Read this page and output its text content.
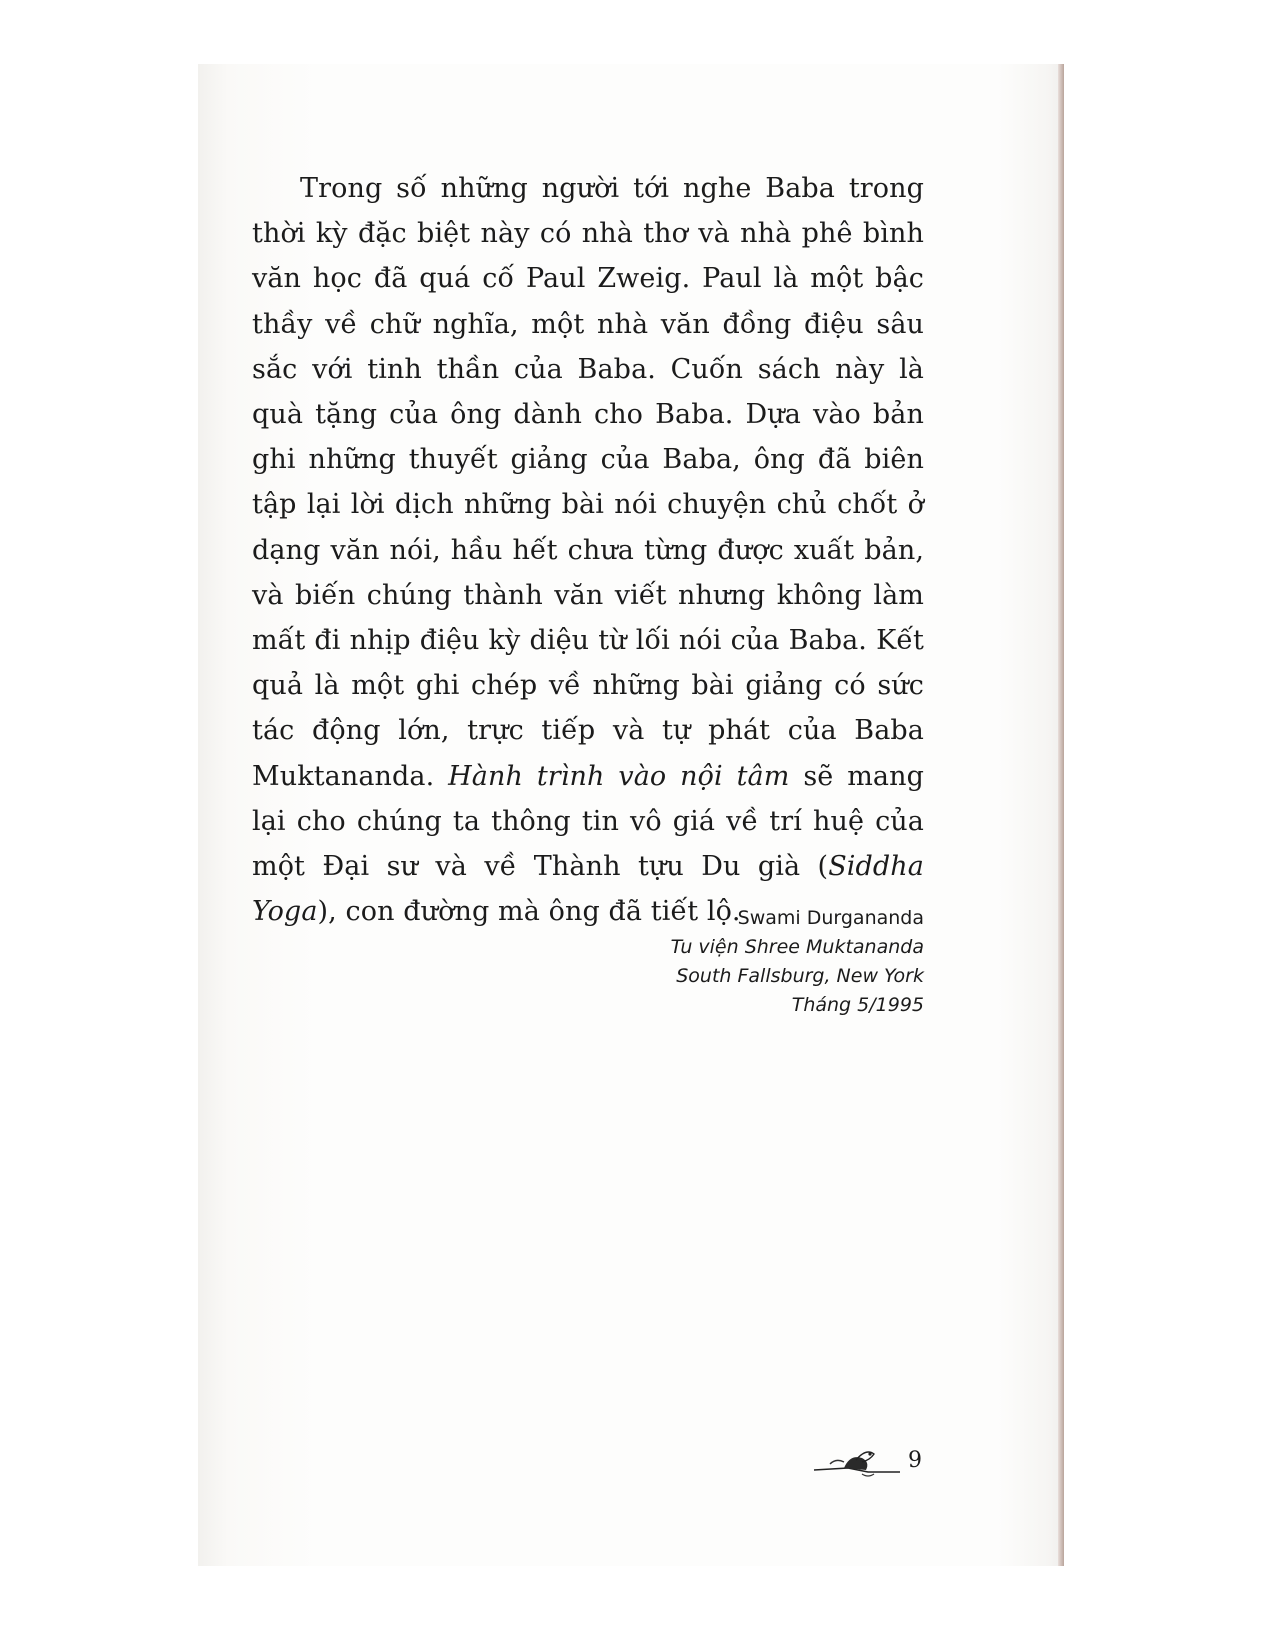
Trong số những người tới nghe Baba trong thời kỳ đặc biệt này có nhà thơ và nhà phê bình văn học đã quá cố Paul Zweig. Paul là một bậc thầy về chữ nghĩa, một nhà văn đồng điệu sâu sắc với tinh thần của Baba. Cuốn sách này là quà tặng của ông dành cho Baba. Dựa vào bản ghi những thuyết giảng của Baba, ông đã biên tập lại lời dịch những bài nói chuyện chủ chốt ở dạng văn nói, hầu hết chưa từng được xuất bản, và biến chúng thành văn viết nhưng không làm mất đi nhịp điệu kỳ diệu từ lối nói của Baba. Kết quả là một ghi chép về những bài giảng có sức tác động lớn, trực tiếp và tự phát của Baba Muktananda. Hành trình vào nội tâm sẽ mang lại cho chúng ta thông tin vô giá về trí huệ của một Đại sư và về Thành tựu Du già (Siddha Yoga), con đường mà ông đã tiết lộ.

Swami Durgananda
Tu viện Shree Muktananda
South Fallsburg, New York
Tháng 5/1995
9
